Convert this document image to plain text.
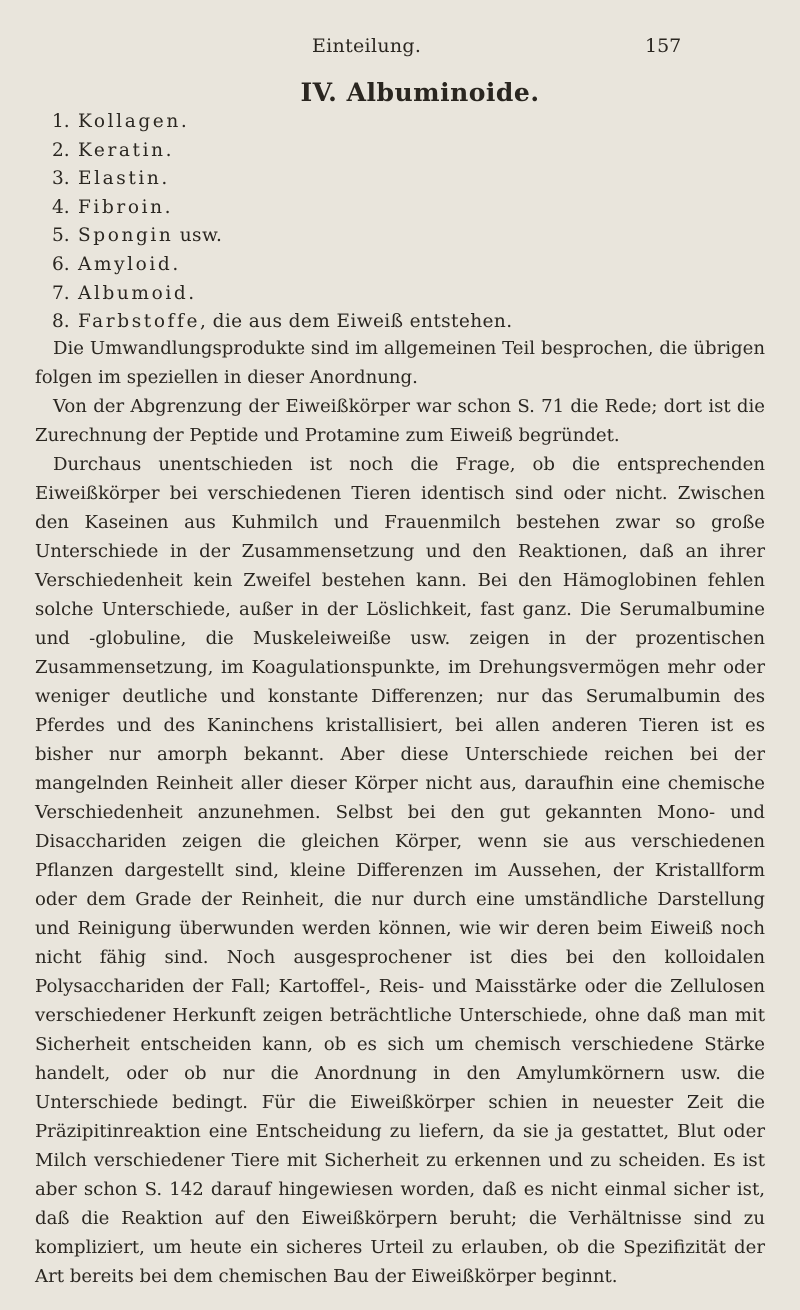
Einteilung.	157
IV. Albuminoide.
1. Kollagen.
2. Keratin.
3. Elastin.
4. Fibroin.
5. Spongin usw.
6. Amyloid.
7. Albumoid.
8. Farbstoffe, die aus dem Eiweiß entstehen.

Die Umwandlungsprodukte sind im allgemeinen Teil besprochen, die übrigen folgen im speziellen in dieser Anordnung.

Von der Abgrenzung der Eiweißkörper war schon S. 71 die Rede; dort ist die Zurechnung der Peptide und Protamine zum Eiweiß begründet.

Durchaus unentschieden ist noch die Frage, ob die entsprechenden Eiweißkörper bei verschiedenen Tieren identisch sind oder nicht. Zwischen den Kaseinen aus Kuhmilch und Frauenmilch bestehen zwar so große Unterschiede in der Zusammensetzung und den Reaktionen, daß an ihrer Verschiedenheit kein Zweifel bestehen kann. Bei den Hämoglobinen fehlen solche Unterschiede, außer in der Löslichkeit, fast ganz. Die Serumalbumine und -globuline, die Muskeleiweiße usw. zeigen in der prozentischen Zusammensetzung, im Koagulationspunkte, im Drehungsvermögen mehr oder weniger deutliche und konstante Differenzen; nur das Serumalbumin des Pferdes und des Kaninchens kristallisiert, bei allen anderen Tieren ist es bisher nur amorph bekannt. Aber diese Unterschiede reichen bei der mangelnden Reinheit aller dieser Körper nicht aus, daraufhin eine chemische Verschiedenheit anzunehmen. Selbst bei den gut gekannten Mono- und Disacchariden zeigen die gleichen Körper, wenn sie aus verschiedenen Pflanzen dargestellt sind, kleine Differenzen im Aussehen, der Kristallform oder dem Grade der Reinheit, die nur durch eine umständliche Darstellung und Reinigung überwunden werden können, wie wir deren beim Eiweiß noch nicht fähig sind. Noch ausgesprochener ist dies bei den kolloidalen Polysacchariden der Fall; Kartoffel-, Reis- und Maisstärke oder die Zellulosen verschiedener Herkunft zeigen beträchtliche Unterschiede, ohne daß man mit Sicherheit entscheiden kann, ob es sich um chemisch verschiedene Stärke handelt, oder ob nur die Anordnung in den Amylumkörnern usw. die Unterschiede bedingt. Für die Eiweißkörper schien in neuester Zeit die Präzipitinreaktion eine Entscheidung zu liefern, da sie ja gestattet, Blut oder Milch verschiedener Tiere mit Sicherheit zu erkennen und zu scheiden. Es ist aber schon S. 142 darauf hingewiesen worden, daß es nicht einmal sicher ist, daß die Reaktion auf den Eiweißkörpern beruht; die Verhältnisse sind zu kompliziert, um heute ein sicheres Urteil zu erlauben, ob die Spezifizität der Art bereits bei dem chemischen Bau der Eiweißkörper beginnt.
